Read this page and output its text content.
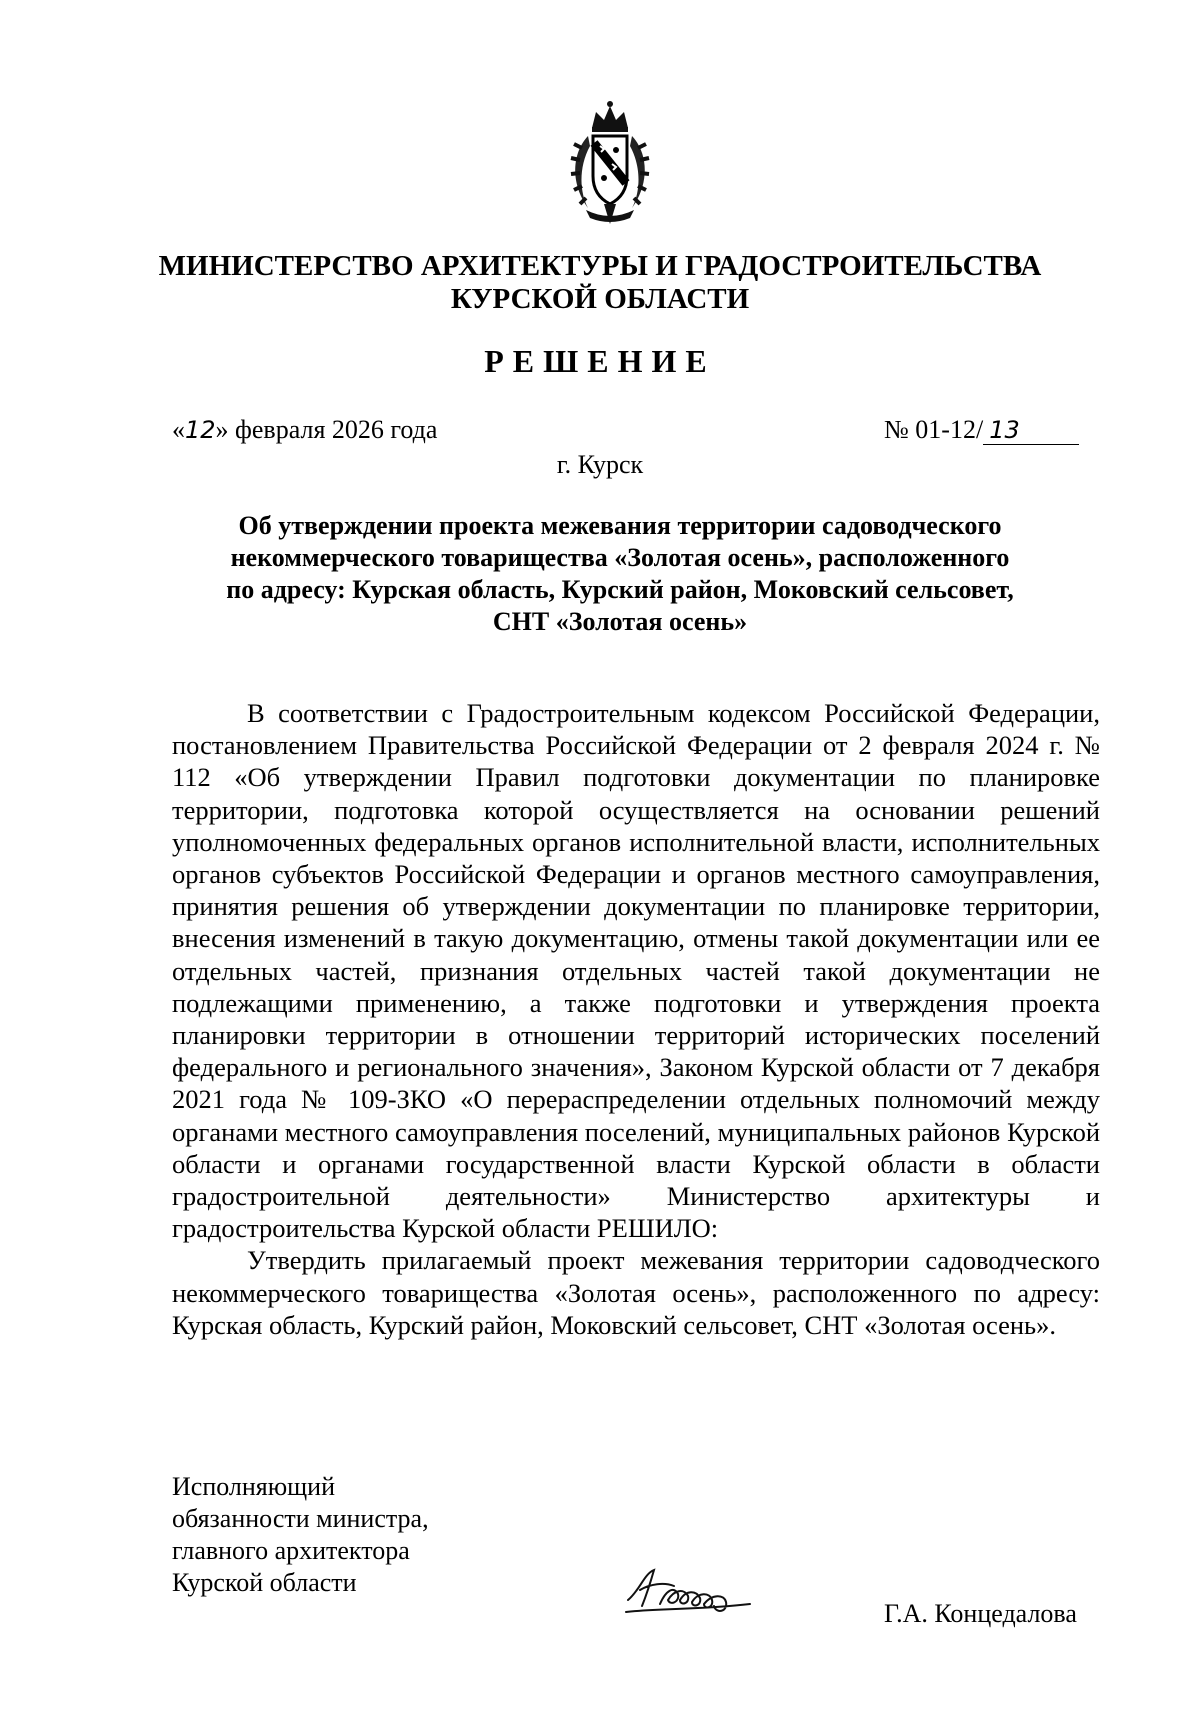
МИНИСТЕРСТВО АРХИТЕКТУРЫ И ГРАДОСТРОИТЕЛЬСТВА
КУРСКОЙ ОБЛАСТИ
РЕШЕНИЕ
«12» февраля 2026 года	№ 01-12/ 13
г. Курск
Об утверждении проекта межевания территории садоводческого
некоммерческого товарищества «Золотая осень», расположенного
по адресу: Курская область, Курский район, Моковский сельсовет,
СНТ «Золотая осень»

В соответствии с Градостроительным кодексом Российской Федерации, постановлением Правительства Российской Федерации от 2 февраля 2024 г. № 112 «Об утверждении Правил подготовки документации по планировке территории, подготовка которой осуществляется на основании решений уполномоченных федеральных органов исполнительной власти, исполнительных органов субъектов Российской Федерации и органов местного самоуправления, принятия решения об утверждении документации по планировке территории, внесения изменений в такую документацию, отмены такой документации или ее отдельных частей, признания отдельных частей такой документации не подлежащими применению, а также подготовки и утверждения проекта планировки территории в отношении территорий исторических поселений федерального и регионального значения», Законом Курской области от 7 декабря 2021 года № 109-ЗКО «О перераспределении отдельных полномочий между органами местного самоуправления поселений, муниципальных районов Курской области и органами государственной власти Курской области в области градостроительной деятельности» Министерство архитектуры и градостроительства Курской области РЕШИЛО:

Утвердить прилагаемый проект межевания территории садоводческого некоммерческого товарищества «Золотая осень», расположенного по адресу: Курская область, Курский район, Моковский сельсовет, СНТ «Золотая осень».

Исполняющий
обязанности министра,
главного архитектора
Курской области
Г.А. Концедалова
